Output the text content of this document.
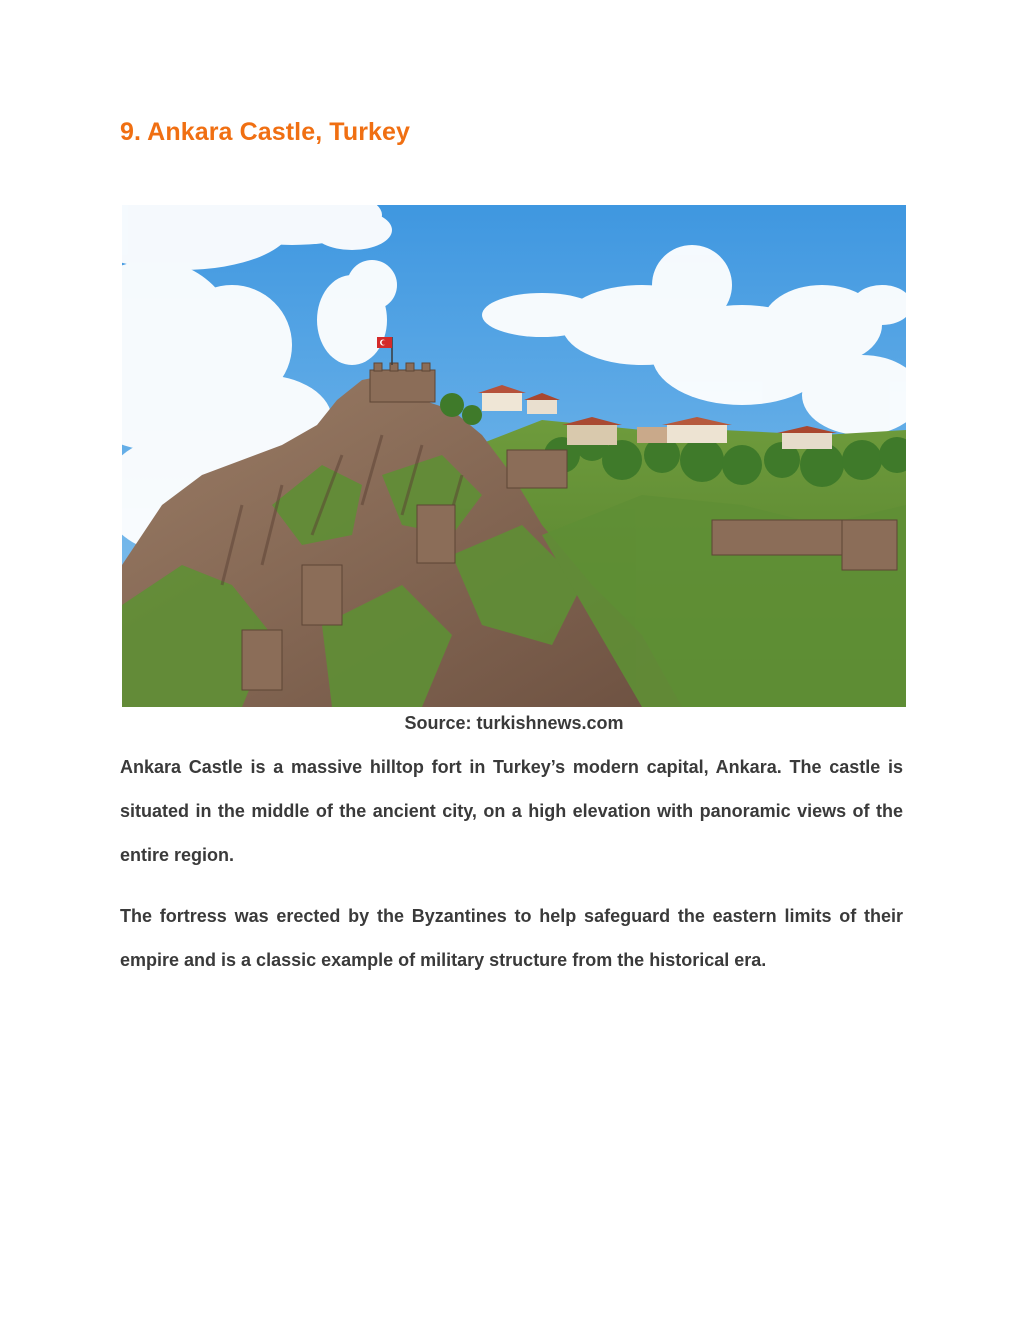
9. Ankara Castle, Turkey

Source: turkishnews.com

Ankara Castle is a massive hilltop fort in Turkey’s modern capital, Ankara. The castle is situated in the middle of the ancient city, on a high elevation with panoramic views of the entire region.

The fortress was erected by the Byzantines to help safeguard the eastern limits of their empire and is a classic example of military structure from the historical era.
